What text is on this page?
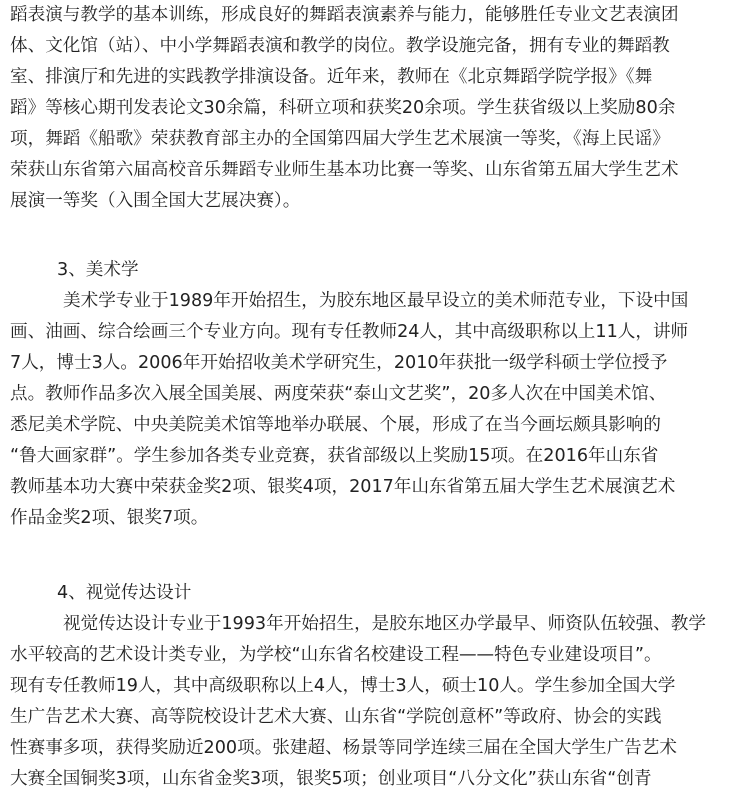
蹈表演与教学的基本训练，形成良好的舞蹈表演素养与能力，能够胜任专业文艺表演团
体、文化馆（站）、中小学舞蹈表演和教学的岗位。教学设施完备，拥有专业的舞蹈教
室、排演厅和先进的实践教学排演设备。近年来，教师在《北京舞蹈学院学报》《舞
蹈》等核心期刊发表论文30余篇，科研立项和获奖20余项。学生获省级以上奖励80余
项，舞蹈《船歌》荣获教育部主办的全国第四届大学生艺术展演一等奖，《海上民谣》
荣获山东省第六届高校音乐舞蹈专业师生基本功比赛一等奖、山东省第五届大学生艺术
展演一等奖（入围全国大艺展决赛）。
3、美术学
美术学专业于1989年开始招生，为胶东地区最早设立的美术师范专业，下设中国
画、油画、综合绘画三个专业方向。现有专任教师24人，其中高级职称以上11人，讲师
7人，博士3人。2006年开始招收美术学研究生，2010年获批一级学科硕士学位授予
点。教师作品多次入展全国美展、两度荣获“泰山文艺奖”，20多人次在中国美术馆、
悉尼美术学院、中央美院美术馆等地举办联展、个展，形成了在当今画坛颇具影响的
“鲁大画家群”。学生参加各类专业竞赛，获省部级以上奖励15项。在2016年山东省
教师基本功大赛中荣获金奖2项、银奖4项，2017年山东省第五届大学生艺术展演艺术
作品金奖2项、银奖7项。
4、视觉传达设计
视觉传达设计专业于1993年开始招生，是胶东地区办学最早、师资队伍较强、教学
水平较高的艺术设计类专业，为学校“山东省名校建设工程——特色专业建设项目”。
现有专任教师19人，其中高级职称以上4人，博士3人，硕士10人。学生参加全国大学
生广告艺术大赛、高等院校设计艺术大赛、山东省“学院创意杯”等政府、协会的实践
性赛事多项，获得奖励近200项。张建超、杨景等同学连续三届在全国大学生广告艺术
大赛全国铜奖3项，山东省金奖3项，银奖5项；创业项目“八分文化”获山东省“创青
